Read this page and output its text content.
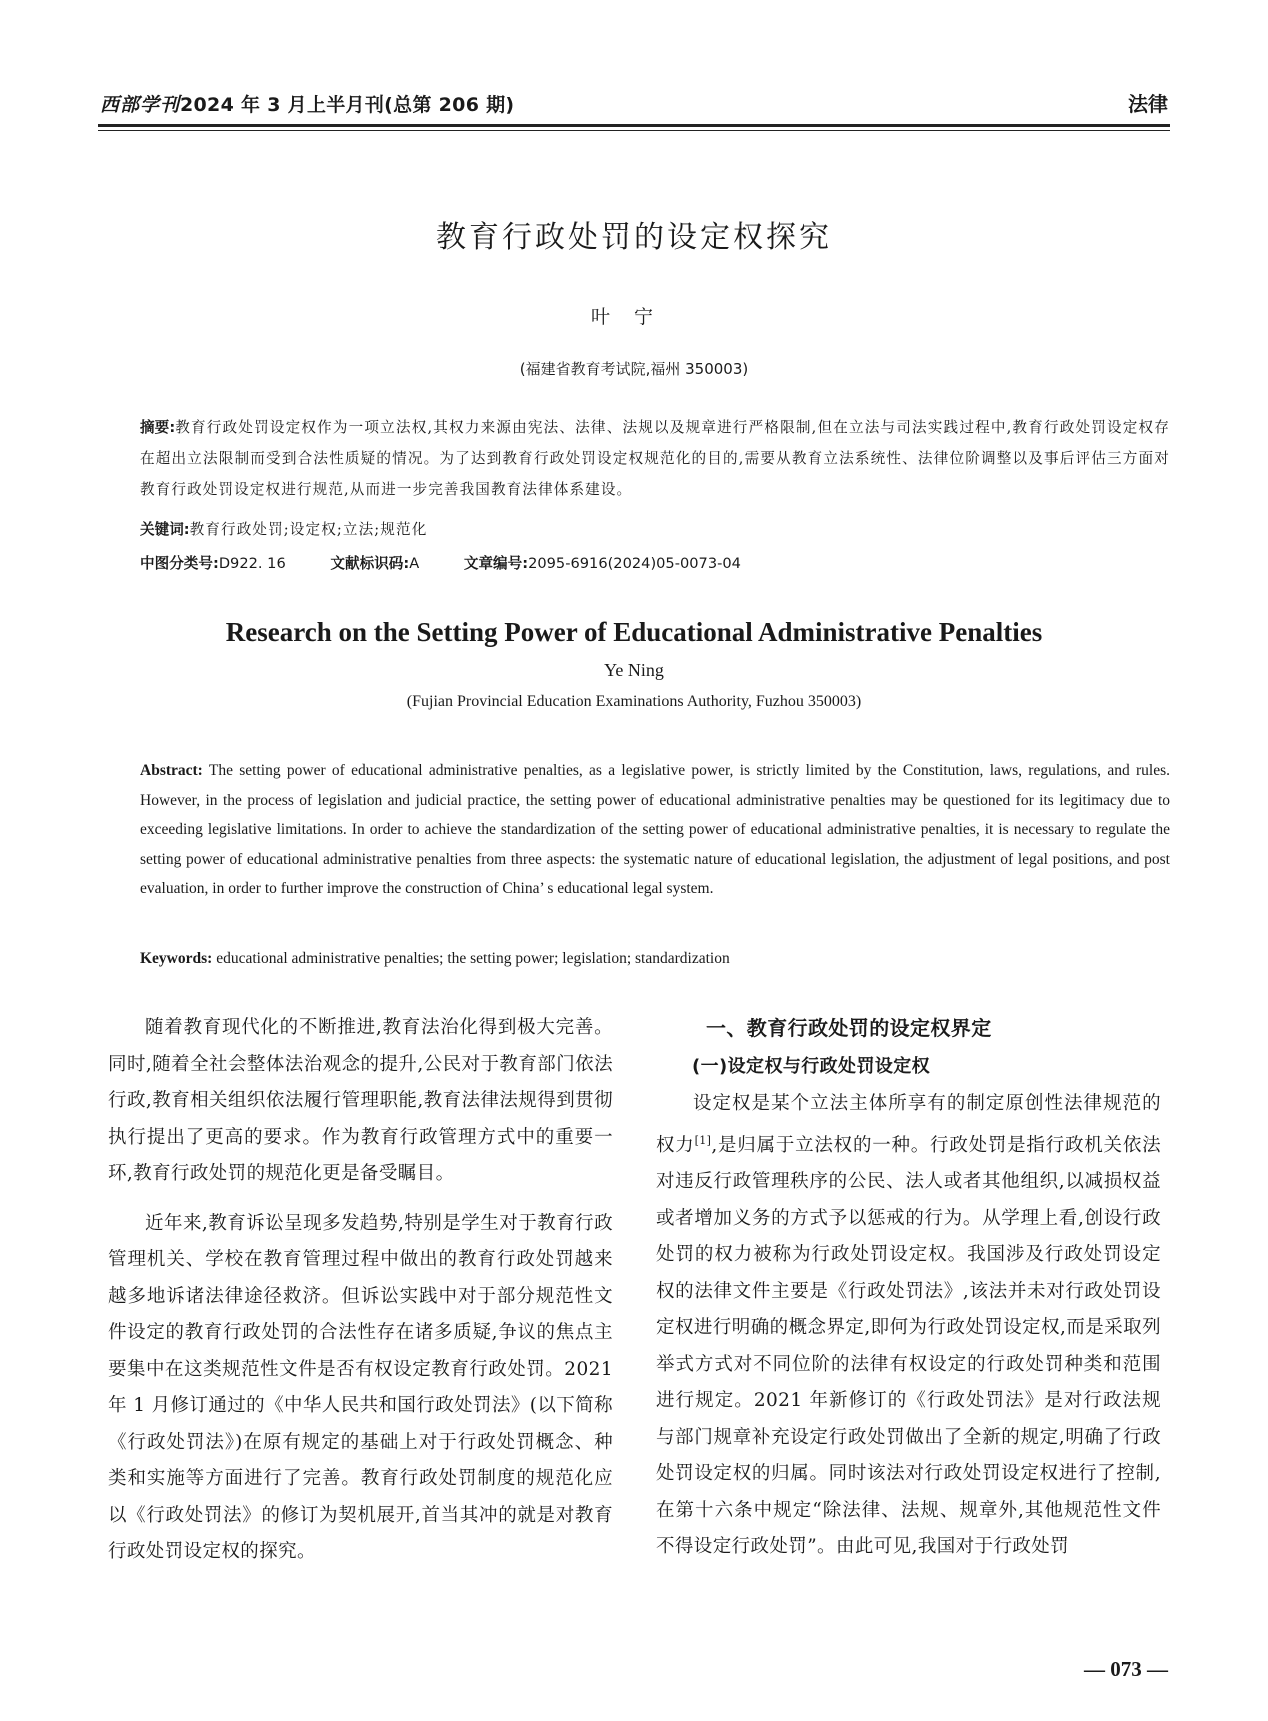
西部学刊2024 年 3 月上半月刊(总第 206 期)	法律
教育行政处罚的设定权探究
叶宁
(福建省教育考试院,福州 350003)
摘要:教育行政处罚设定权作为一项立法权,其权力来源由宪法、法律、法规以及规章进行严格限制,但在立法与司法实践过程中,教育行政处罚设定权存在超出立法限制而受到合法性质疑的情况。为了达到教育行政处罚设定权规范化的目的,需要从教育立法系统性、法律位阶调整以及事后评估三方面对教育行政处罚设定权进行规范,从而进一步完善我国教育法律体系建设。
关键词:教育行政处罚;设定权;立法;规范化
中图分类号:D922. 16	文献标识码:A	文章编号:2095-6916(2024)05-0073-04
Research on the Setting Power of Educational Administrative Penalties
Ye Ning
(Fujian Provincial Education Examinations Authority, Fuzhou 350003)
Abstract: The setting power of educational administrative penalties, as a legislative power, is strictly limited by the Constitution, laws, regulations, and rules. However, in the process of legislation and judicial practice, the setting power of educational administrative penalties may be questioned for its legitimacy due to exceeding legislative limitations. In order to achieve the standardization of the setting power of educational administrative penalties, it is necessary to regulate the setting power of educational administrative penalties from three aspects: the systematic nature of educational legislation, the adjustment of legal positions, and post evaluation, in order to further improve the construction of China’ s educational legal system.
Keywords: educational administrative penalties; the setting power; legislation; standardization

随着教育现代化的不断推进,教育法治化得到极大完善。同时,随着全社会整体法治观念的提升,公民对于教育部门依法行政,教育相关组织依法履行管理职能,教育法律法规得到贯彻执行提出了更高的要求。作为教育行政管理方式中的重要一环,教育行政处罚的规范化更是备受瞩目。

近年来,教育诉讼呈现多发趋势,特别是学生对于教育行政管理机关、学校在教育管理过程中做出的教育行政处罚越来越多地诉诸法律途径救济。但诉讼实践中对于部分规范性文件设定的教育行政处罚的合法性存在诸多质疑,争议的焦点主要集中在这类规范性文件是否有权设定教育行政处罚。2021 年 1 月修订通过的《中华人民共和国行政处罚法》(以下简称《行政处罚法》)在原有规定的基础上对于行政处罚概念、种类和实施等方面进行了完善。教育行政处罚制度的规范化应以《行政处罚法》的修订为契机展开,首当其冲的就是对教育行政处罚设定权的探究。

一、教育行政处罚的设定权界定
(一)设定权与行政处罚设定权

设定权是某个立法主体所享有的制定原创性法律规范的权力[1],是归属于立法权的一种。行政处罚是指行政机关依法对违反行政管理秩序的公民、法人或者其他组织,以减损权益或者增加义务的方式予以惩戒的行为。从学理上看,创设行政处罚的权力被称为行政处罚设定权。我国涉及行政处罚设定权的法律文件主要是《行政处罚法》,该法并未对行政处罚设定权进行明确的概念界定,即何为行政处罚设定权,而是采取列举式方式对不同位阶的法律有权设定的行政处罚种类和范围进行规定。2021 年新修订的《行政处罚法》是对行政法规与部门规章补充设定行政处罚做出了全新的规定,明确了行政处罚设定权的归属。同时该法对行政处罚设定权进行了控制,在第十六条中规定“除法律、法规、规章外,其他规范性文件不得设定行政处罚”。由此可见,我国对于行政处罚

— 073 —
